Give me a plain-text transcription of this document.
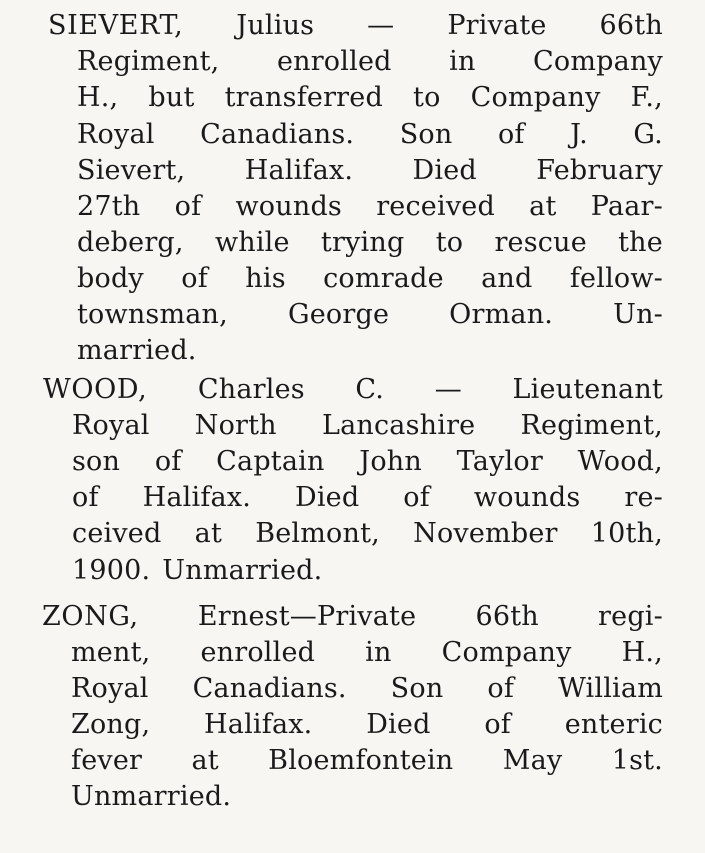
SIEVERT, Julius — Private 66th
Regiment, enrolled in Company
H., but transferred to Company F.,
Royal Canadians. Son of J. G.
Sievert, Halifax. Died February
27th of wounds received at Paar-
deberg, while trying to rescue the
body of his comrade and fellow-
townsman, George Orman. Un-
married.
WOOD, Charles C. — Lieutenant
Royal North Lancashire Regiment,
son of Captain John Taylor Wood,
of Halifax. Died of wounds re-
ceived at Belmont, November 10th,
1900. Unmarried.
ZONG, Ernest—Private 66th regi-
ment, enrolled in Company H.,
Royal Canadians. Son of William
Zong, Halifax. Died of enteric
fever at Bloemfontein May 1st.
Unmarried.
